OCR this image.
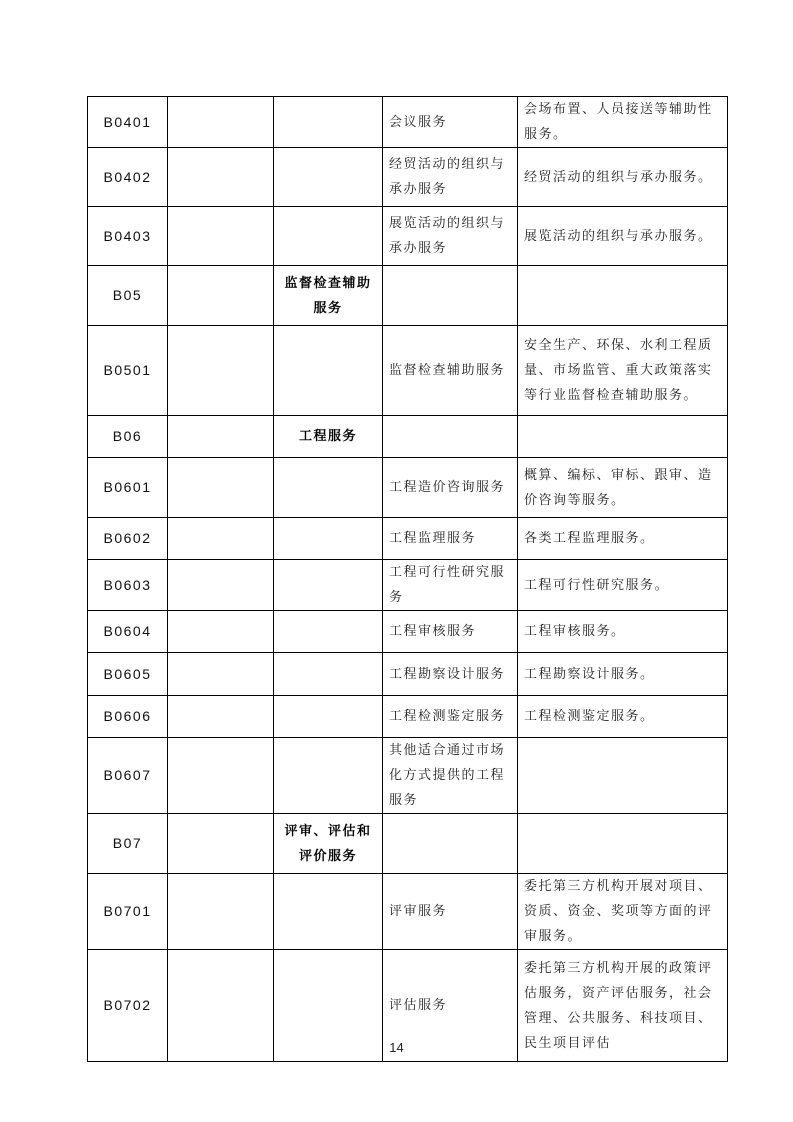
B0401			会议服务	会场布置、人员接送等辅助性服务。
B0402			经贸活动的组织与承办服务	经贸活动的组织与承办服务。
B0403			展览活动的组织与承办服务	展览活动的组织与承办服务。
B05		监督检查辅助服务		
B0501			监督检查辅助服务	安全生产、环保、水利工程质量、市场监管、重大政策落实等行业监督检查辅助服务。
B06		工程服务		
B0601			工程造价咨询服务	概算、编标、审标、跟审、造价咨询等服务。
B0602			工程监理服务	各类工程监理服务。
B0603			工程可行性研究服务	工程可行性研究服务。
B0604			工程审核服务	工程审核服务。
B0605			工程勘察设计服务	工程勘察设计服务。
B0606			工程检测鉴定服务	工程检测鉴定服务。
B0607			其他适合通过市场化方式提供的工程服务	
B07		评审、评估和评价服务		
B0701			评审服务	委托第三方机构开展对项目、资质、资金、奖项等方面的评审服务。
B0702			评估服务	委托第三方机构开展的政策评估服务，资产评估服务，社会管理、公共服务、科技项目、民生项目评估
14
